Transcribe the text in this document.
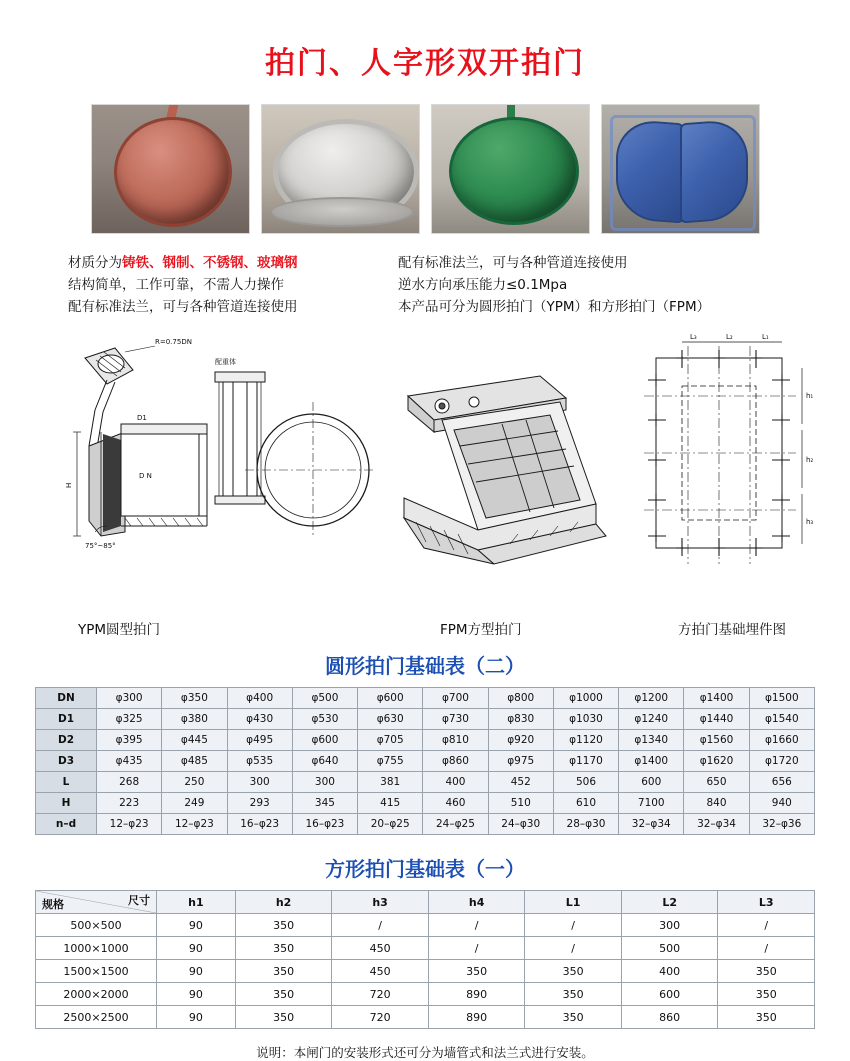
拍门、人字形双开拍门
材质分为铸铁、钢制、不锈钢、玻璃钢
结构简单，工作可靠，不需人力操作
配有标准法兰，可与各种管道连接使用
配有标准法兰，可与各种管道连接使用
逆水方向承压能力≤0.1Mpa
本产品可分为圆形拍门（YPM）和方形拍门（FPM）
R=0.75DN
配重体
75°~85°
H
D N
D1
L₃	L₂	L₁
h₁
h₂
h₃
YPM圆型拍门	FPM方型拍门	方拍门基础埋件图
圆形拍门基础表（二）
DN	φ300	φ350	φ400	φ500	φ600	φ700	φ800	φ1000	φ1200	φ1400	φ1500
D1	φ325	φ380	φ430	φ530	φ630	φ730	φ830	φ1030	φ1240	φ1440	φ1540
D2	φ395	φ445	φ495	φ600	φ705	φ810	φ920	φ1120	φ1340	φ1560	φ1660
D3	φ435	φ485	φ535	φ640	φ755	φ860	φ975	φ1170	φ1400	φ1620	φ1720
L	268	250	300	300	381	400	452	506	600	650	656
H	223	249	293	345	415	460	510	610	7100	840	940
n–d	12–φ23	12–φ23	16–φ23	16–φ23	20–φ25	24–φ25	24–φ30	28–φ30	32–φ34	32–φ34	32–φ36
方形拍门基础表（一）
尺寸
规格	h1	h2	h3	h4	L1	L2	L3
500×500	90	350	/	/	/	300	/
1000×1000	90	350	450	/	/	500	/
1500×1500	90	350	450	350	350	400	350
2000×2000	90	350	720	890	350	600	350
2500×2500	90	350	720	890	350	860	350
说明：本闸门的安装形式还可分为墙管式和法兰式进行安装。
